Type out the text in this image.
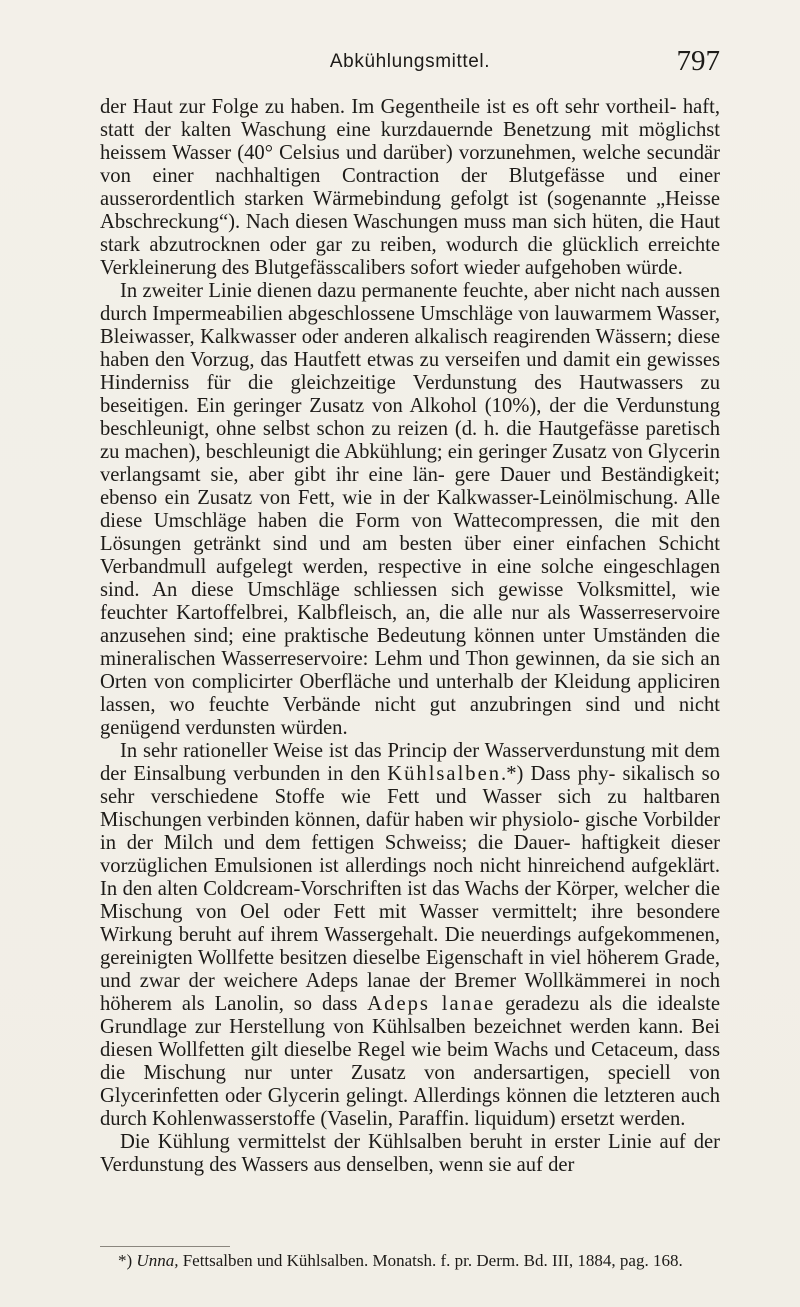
Abkühlungsmittel.	797

der Haut zur Folge zu haben. Im Gegentheile ist es oft sehr vortheil- haft, statt der kalten Waschung eine kurzdauernde Benetzung mit möglichst heissem Wasser (40° Celsius und darüber) vorzunehmen, welche secundär von einer nachhaltigen Contraction der Blutgefässe und einer ausserordentlich starken Wärmebindung gefolgt ist (sogenannte „Heisse Abschreckung“). Nach diesen Waschungen muss man sich hüten, die Haut stark abzutrocknen oder gar zu reiben, wodurch die glücklich erreichte Verkleinerung des Blutgefässcalibers sofort wieder aufgehoben würde.

In zweiter Linie dienen dazu permanente feuchte, aber nicht nach aussen durch Impermeabilien abgeschlossene Umschläge von lauwarmem Wasser, Bleiwasser, Kalkwasser oder anderen alkalisch reagirenden Wässern; diese haben den Vorzug, das Hautfett etwas zu verseifen und damit ein gewisses Hinderniss für die gleichzeitige Verdunstung des Hautwassers zu beseitigen. Ein geringer Zusatz von Alkohol (10%), der die Verdunstung beschleunigt, ohne selbst schon zu reizen (d. h. die Hautgefässe paretisch zu machen), beschleunigt die Abkühlung; ein geringer Zusatz von Glycerin verlangsamt sie, aber gibt ihr eine län- gere Dauer und Beständigkeit; ebenso ein Zusatz von Fett, wie in der Kalkwasser-Leinölmischung. Alle diese Umschläge haben die Form von Wattecompressen, die mit den Lösungen getränkt sind und am besten über einer einfachen Schicht Verbandmull aufgelegt werden, respective in eine solche eingeschlagen sind. An diese Umschläge schliessen sich gewisse Volksmittel, wie feuchter Kartoffelbrei, Kalbfleisch, an, die alle nur als Wasserreservoire anzusehen sind; eine praktische Bedeutung können unter Umständen die mineralischen Wasserreservoire: Lehm und Thon gewinnen, da sie sich an Orten von complicirter Oberfläche und unterhalb der Kleidung appliciren lassen, wo feuchte Verbände nicht gut anzubringen sind und nicht genügend verdunsten würden.

In sehr rationeller Weise ist das Princip der Wasserverdunstung mit dem der Einsalbung verbunden in den Kühlsalben.*) Dass phy- sikalisch so sehr verschiedene Stoffe wie Fett und Wasser sich zu haltbaren Mischungen verbinden können, dafür haben wir physiolo- gische Vorbilder in der Milch und dem fettigen Schweiss; die Dauer- haftigkeit dieser vorzüglichen Emulsionen ist allerdings noch nicht hinreichend aufgeklärt. In den alten Coldcream-Vorschriften ist das Wachs der Körper, welcher die Mischung von Oel oder Fett mit Wasser vermittelt; ihre besondere Wirkung beruht auf ihrem Wassergehalt. Die neuerdings aufgekommenen, gereinigten Wollfette besitzen dieselbe Eigenschaft in viel höherem Grade, und zwar der weichere Adeps lanae der Bremer Wollkämmerei in noch höherem als Lanolin, so dass Adeps lanae geradezu als die idealste Grundlage zur Herstellung von Kühlsalben bezeichnet werden kann. Bei diesen Wollfetten gilt dieselbe Regel wie beim Wachs und Cetaceum, dass die Mischung nur unter Zusatz von andersartigen, speciell von Glycerinfetten oder Glycerin gelingt. Allerdings können die letzteren auch durch Kohlenwasserstoffe (Vaselin, Paraffin. liquidum) ersetzt werden.

Die Kühlung vermittelst der Kühlsalben beruht in erster Linie auf der Verdunstung des Wassers aus denselben, wenn sie auf der

*) Unna, Fettsalben und Kühlsalben. Monatsh. f. pr. Derm. Bd. III, 1884, pag. 168.
